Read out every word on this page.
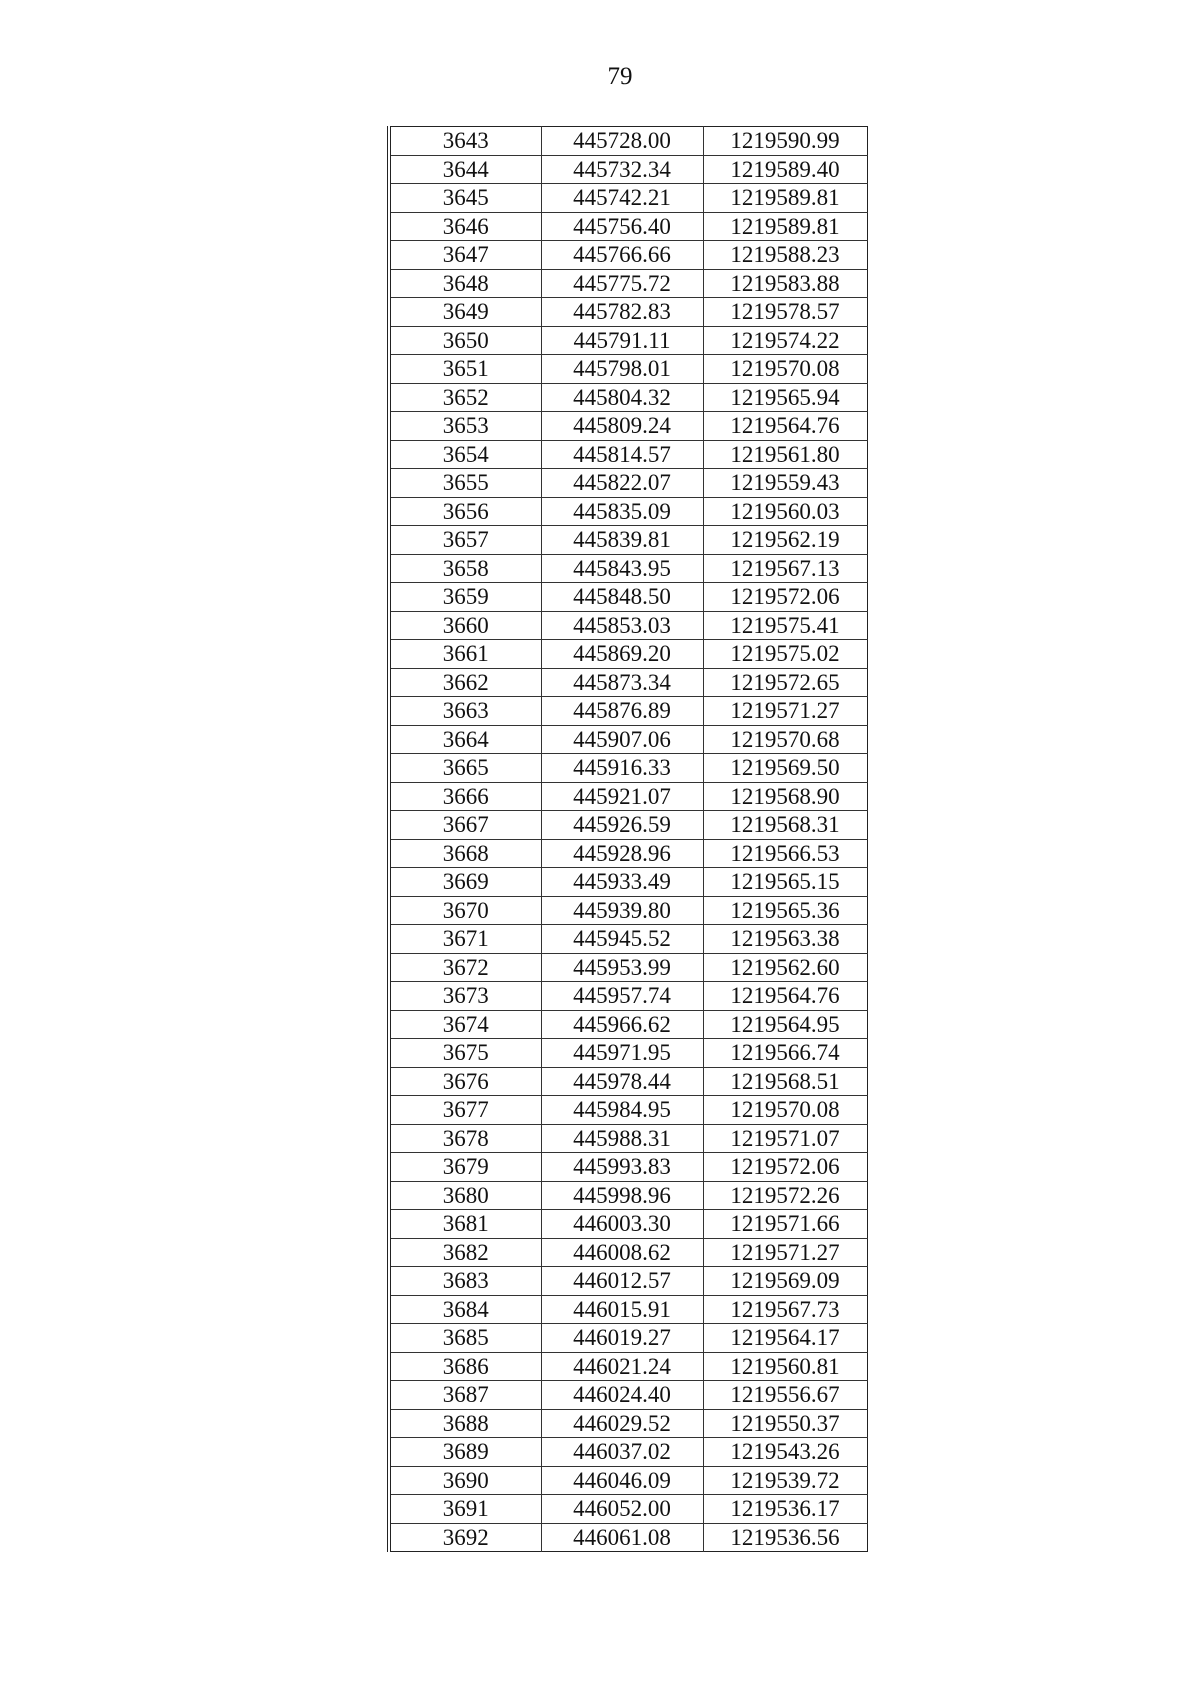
79
3643	445728.00	1219590.99
3644	445732.34	1219589.40
3645	445742.21	1219589.81
3646	445756.40	1219589.81
3647	445766.66	1219588.23
3648	445775.72	1219583.88
3649	445782.83	1219578.57
3650	445791.11	1219574.22
3651	445798.01	1219570.08
3652	445804.32	1219565.94
3653	445809.24	1219564.76
3654	445814.57	1219561.80
3655	445822.07	1219559.43
3656	445835.09	1219560.03
3657	445839.81	1219562.19
3658	445843.95	1219567.13
3659	445848.50	1219572.06
3660	445853.03	1219575.41
3661	445869.20	1219575.02
3662	445873.34	1219572.65
3663	445876.89	1219571.27
3664	445907.06	1219570.68
3665	445916.33	1219569.50
3666	445921.07	1219568.90
3667	445926.59	1219568.31
3668	445928.96	1219566.53
3669	445933.49	1219565.15
3670	445939.80	1219565.36
3671	445945.52	1219563.38
3672	445953.99	1219562.60
3673	445957.74	1219564.76
3674	445966.62	1219564.95
3675	445971.95	1219566.74
3676	445978.44	1219568.51
3677	445984.95	1219570.08
3678	445988.31	1219571.07
3679	445993.83	1219572.06
3680	445998.96	1219572.26
3681	446003.30	1219571.66
3682	446008.62	1219571.27
3683	446012.57	1219569.09
3684	446015.91	1219567.73
3685	446019.27	1219564.17
3686	446021.24	1219560.81
3687	446024.40	1219556.67
3688	446029.52	1219550.37
3689	446037.02	1219543.26
3690	446046.09	1219539.72
3691	446052.00	1219536.17
3692	446061.08	1219536.56
